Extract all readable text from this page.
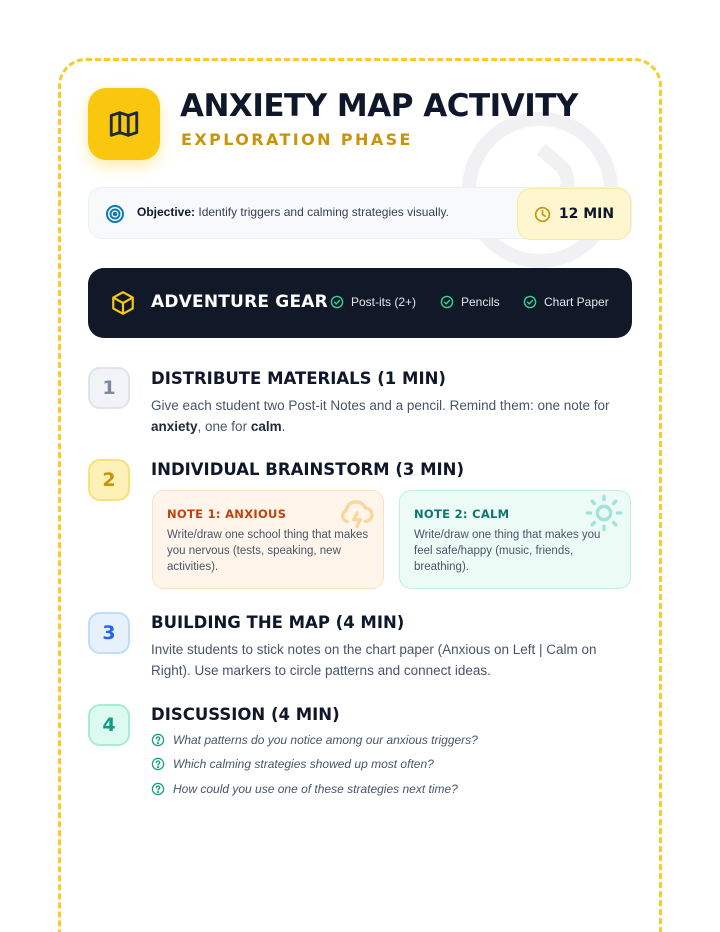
ANXIETY MAP ACTIVITY
EXPLORATION PHASE
Objective: Identify triggers and calming strategies visually.	12 MIN
ADVENTURE GEAR Post-its (2+)	Pencils	Chart Paper
1	DISTRIBUTE MATERIALS (1 MIN)
Give each student two Post-it Notes and a pencil. Remind them: one note for anxiety, one for calm.
2	INDIVIDUAL BRAINSTORM (3 MIN)
NOTE 1: ANXIOUS
Write/draw one school thing that makes you nervous (tests, speaking, new activities).
NOTE 2: CALM
Write/draw one thing that makes you feel safe/happy (music, friends, breathing).
3	BUILDING THE MAP (4 MIN)
Invite students to stick notes on the chart paper (Anxious on Left | Calm on Right). Use markers to circle patterns and connect ideas.
4	DISCUSSION (4 MIN)
What patterns do you notice among our anxious triggers?
Which calming strategies showed up most often?
How could you use one of these strategies next time?
